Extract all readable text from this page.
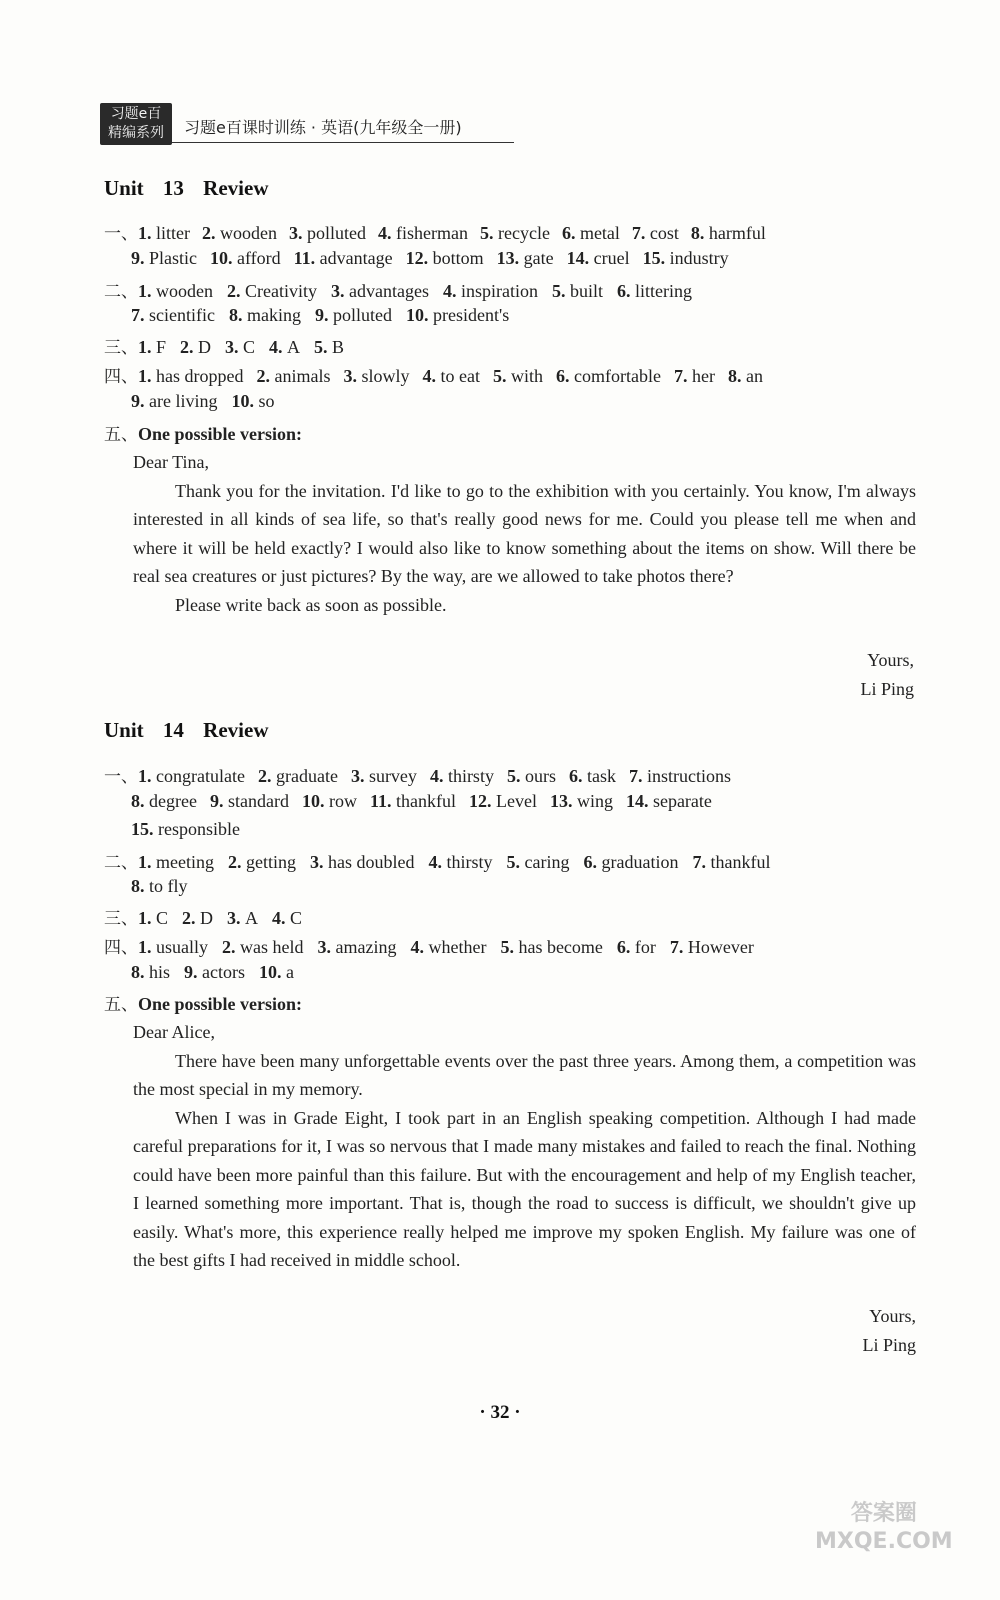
习题e百
精编系列	习题e百课时训练 · 英语(九年级全一册)
Unit 13 Review
一、1. litter 2. wooden 3. polluted 4. fisherman 5. recycle 6. metal 7. cost 8. harmful
9. Plastic 10. afford 11. advantage 12. bottom 13. gate 14. cruel 15. industry
二、1. wooden 2. Creativity 3. advantages 4. inspiration 5. built 6. littering
7. scientific 8. making 9. polluted 10. president's
三、1. F 2. D 3. C 4. A 5. B
四、1. has dropped 2. animals 3. slowly 4. to eat 5. with 6. comfortable 7. her 8. an
9. are living 10. so
五、One possible version:

Dear Tina,

Thank you for the invitation. I'd like to go to the exhibition with you certainly. You know, I'm always interested in all kinds of sea life, so that's really good news for me. Could you please tell me when and where it will be held exactly? I would also like to know something about the items on show. Will there be real sea creatures or just pictures? By the way, are we allowed to take photos there?

Please write back as soon as possible.

Yours,
Li Ping
Unit 14 Review
一、1. congratulate 2. graduate 3. survey 4. thirsty 5. ours 6. task 7. instructions
8. degree 9. standard 10. row 11. thankful 12. Level 13. wing 14. separate
15. responsible
二、1. meeting 2. getting 3. has doubled 4. thirsty 5. caring 6. graduation 7. thankful
8. to fly
三、1. C 2. D 3. A 4. C
四、1. usually 2. was held 3. amazing 4. whether 5. has become 6. for 7. However
8. his 9. actors 10. a
五、One possible version:

Dear Alice,

There have been many unforgettable events over the past three years. Among them, a competition was the most special in my memory.

When I was in Grade Eight, I took part in an English speaking competition. Although I had made careful preparations for it, I was so nervous that I made many mistakes and failed to reach the final. Nothing could have been more painful than this failure. But with the encouragement and help of my English teacher, I learned something more important. That is, though the road to success is difficult, we shouldn't give up easily. What's more, this experience really helped me improve my spoken English. My failure was one of the best gifts I had received in middle school.

Yours,
Li Ping
· 32 ·
答案圈
MXQE.COM
